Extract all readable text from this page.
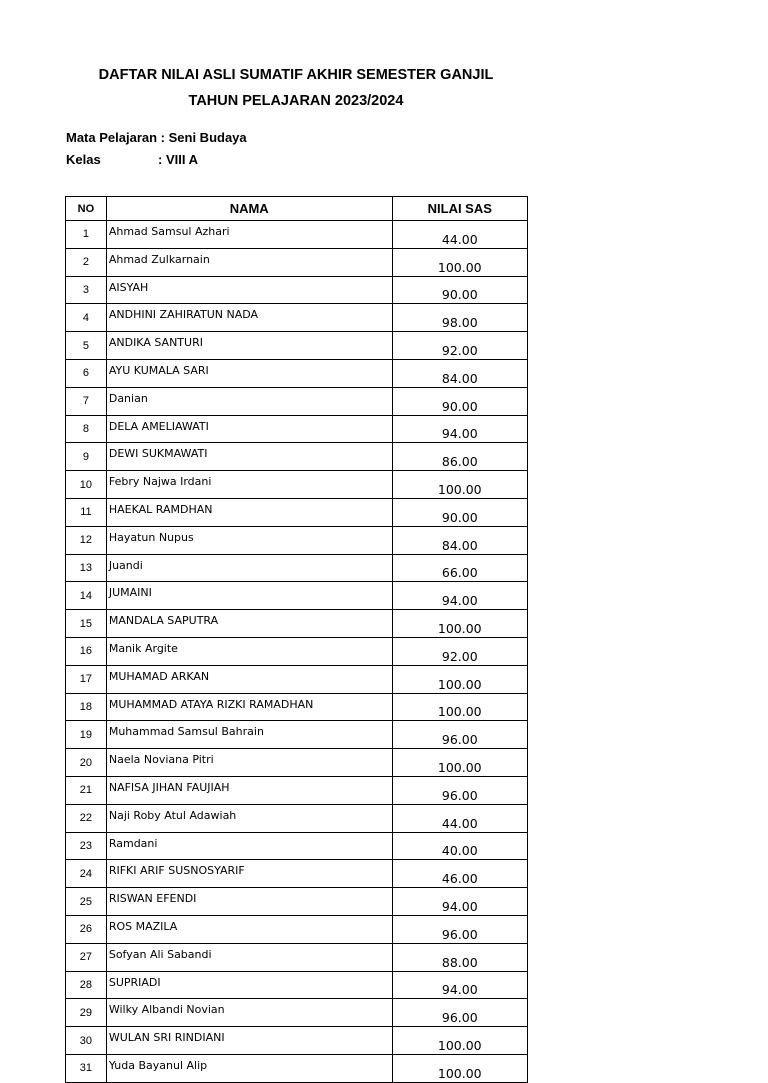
DAFTAR NILAI ASLI SUMATIF AKHIR SEMESTER GANJIL
TAHUN PELAJARAN 2023/2024
Mata Pelajaran : Seni Budaya
Kelas	: VIII A
NO	NAMA	NILAI SAS
1	Ahmad Samsul Azhari	44.00
2	Ahmad Zulkarnain	100.00
3	AISYAH	90.00
4	ANDHINI ZAHIRATUN NADA	98.00
5	ANDIKA SANTURI	92.00
6	AYU KUMALA SARI	84.00
7	Danian	90.00
8	DELA AMELIAWATI	94.00
9	DEWI SUKMAWATI	86.00
10	Febry Najwa Irdani	100.00
11	HAEKAL RAMDHAN	90.00
12	Hayatun Nupus	84.00
13	Juandi	66.00
14	JUMAINI	94.00
15	MANDALA SAPUTRA	100.00
16	Manik Argite	92.00
17	MUHAMAD ARKAN	100.00
18	MUHAMMAD ATAYA RIZKI RAMADHAN	100.00
19	Muhammad Samsul Bahrain	96.00
20	Naela Noviana Pitri	100.00
21	NAFISA JIHAN FAUJIAH	96.00
22	Naji Roby Atul Adawiah	44.00
23	Ramdani	40.00
24	RIFKI ARIF SUSNOSYARIF	46.00
25	RISWAN EFENDI	94.00
26	ROS MAZILA	96.00
27	Sofyan Ali Sabandi	88.00
28	SUPRIADI	94.00
29	Wilky Albandi Novian	96.00
30	WULAN SRI RINDIANI	100.00
31	Yuda Bayanul Alip	100.00
